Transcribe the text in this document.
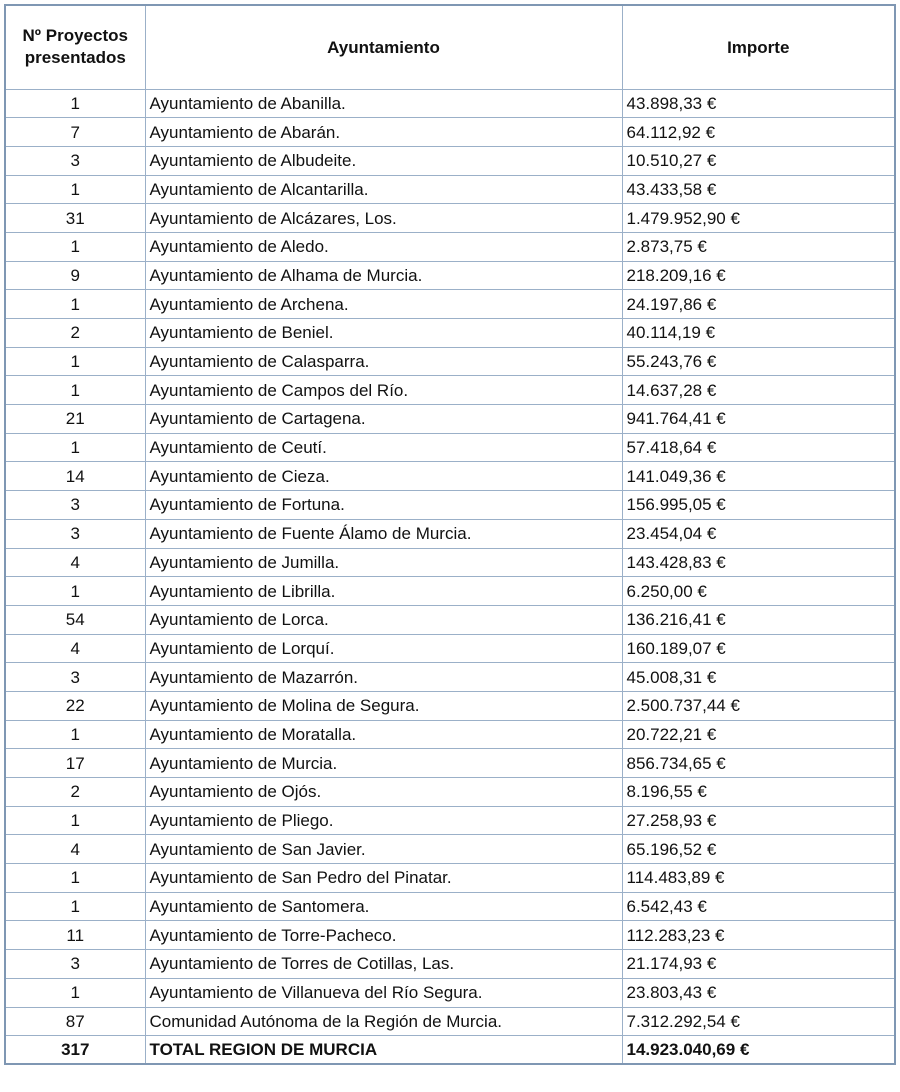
Nº Proyectos presentados	Ayuntamiento	Importe
1	Ayuntamiento de Abanilla.	43.898,33 €
7	Ayuntamiento de Abarán.	64.112,92 €
3	Ayuntamiento de Albudeite.	10.510,27 €
1	Ayuntamiento de Alcantarilla.	43.433,58 €
31	Ayuntamiento de Alcázares, Los.	1.479.952,90 €
1	Ayuntamiento de Aledo.	2.873,75 €
9	Ayuntamiento de Alhama de Murcia.	218.209,16 €
1	Ayuntamiento de Archena.	24.197,86 €
2	Ayuntamiento de Beniel.	40.114,19 €
1	Ayuntamiento de Calasparra.	55.243,76 €
1	Ayuntamiento de Campos del Río.	14.637,28 €
21	Ayuntamiento de Cartagena.	941.764,41 €
1	Ayuntamiento de Ceutí.	57.418,64 €
14	Ayuntamiento de Cieza.	141.049,36 €
3	Ayuntamiento de Fortuna.	156.995,05 €
3	Ayuntamiento de Fuente Álamo de Murcia.	23.454,04 €
4	Ayuntamiento de Jumilla.	143.428,83 €
1	Ayuntamiento de Librilla.	6.250,00 €
54	Ayuntamiento de Lorca.	136.216,41 €
4	Ayuntamiento de Lorquí.	160.189,07 €
3	Ayuntamiento de Mazarrón.	45.008,31 €
22	Ayuntamiento de Molina de Segura.	2.500.737,44 €
1	Ayuntamiento de Moratalla.	20.722,21 €
17	Ayuntamiento de Murcia.	856.734,65 €
2	Ayuntamiento de Ojós.	8.196,55 €
1	Ayuntamiento de Pliego.	27.258,93 €
4	Ayuntamiento de San Javier.	65.196,52 €
1	Ayuntamiento de San Pedro del Pinatar.	114.483,89 €
1	Ayuntamiento de Santomera.	6.542,43 €
11	Ayuntamiento de Torre-Pacheco.	112.283,23 €
3	Ayuntamiento de Torres de Cotillas, Las.	21.174,93 €
1	Ayuntamiento de Villanueva del Río Segura.	23.803,43 €
87	Comunidad Autónoma de la Región de Murcia.	7.312.292,54 €
317	TOTAL REGION DE MURCIA	14.923.040,69 €
